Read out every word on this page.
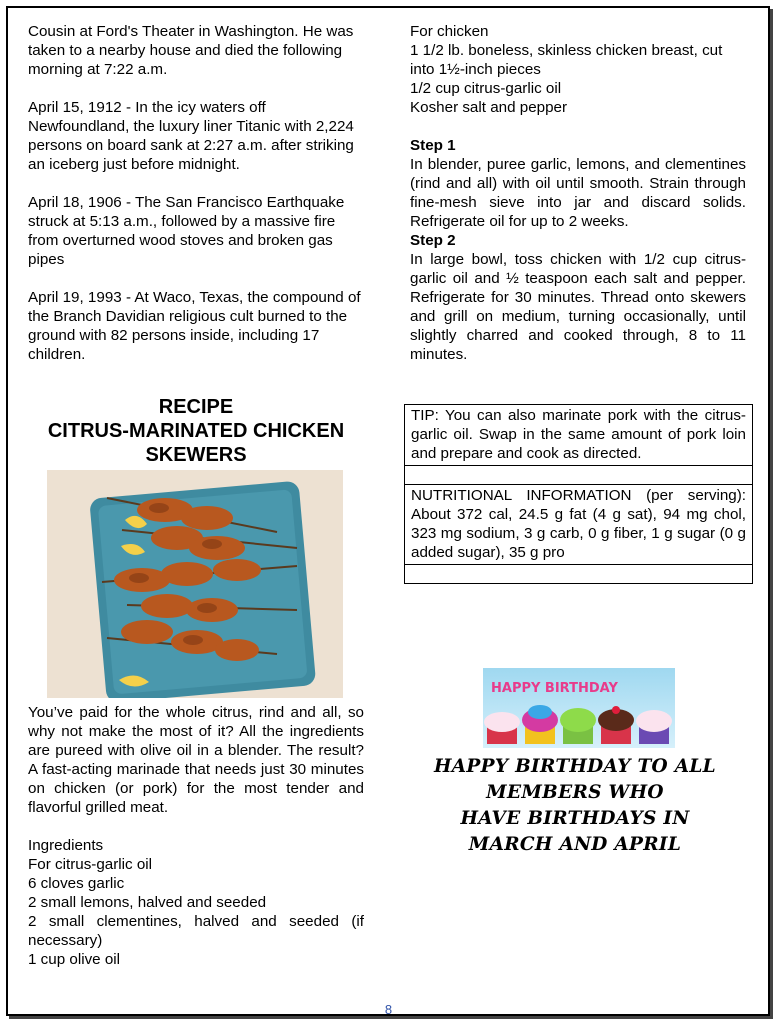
Cousin at Ford's Theater in Washington. He was taken to a nearby house and died the following morning at 7:22 a.m.

April 15, 1912 - In the icy waters off Newfoundland, the luxury liner Titanic with 2,224 persons on board sank at 2:27 a.m. after striking an iceberg just before midnight.

April 18, 1906 - The San Francisco Earthquake struck at 5:13 a.m., followed by a massive fire from overturned wood stoves and broken gas pipes

April 19, 1993 - At Waco, Texas, the compound of the Branch Davidian religious cult burned to the ground with 82 persons inside, including 17 children.

RECIPE
CITRUS-MARINATED CHICKEN SKEWERS

You’ve paid for the whole citrus, rind and all, so why not make the most of it? All the ingredients are pureed with olive oil in a blender. The result? A fast-acting marinade that needs just 30 minutes on chicken (or pork) for the most tender and flavorful grilled meat.

Ingredients

For citrus-garlic oil

6 cloves garlic

2 small lemons, halved and seeded

2 small clementines, halved and seeded (if necessary)

1 cup olive oil

For chicken

1 1/2 lb. boneless, skinless chicken breast, cut into 1½-inch pieces

1/2 cup citrus-garlic oil

Kosher salt and pepper

Step 1

In blender, puree garlic, lemons, and clementines (rind and all) with oil until smooth. Strain through fine-mesh sieve into jar and discard solids. Refrigerate oil for up to 2 weeks.

Step 2

In large bowl, toss chicken with 1/2 cup citrus-garlic oil and ½ teaspoon each salt and pepper. Refrigerate for 30 minutes. Thread onto skewers and grill on medium, turning occasionally, until slightly charred and cooked through, 8 to 11 minutes.

TIP: You can also marinate pork with the citrus-garlic oil. Swap in the same amount of pork loin and prepare and cook as directed.

NUTRITIONAL INFORMATION (per serving): About 372 cal, 24.5 g fat (4 g sat), 94 mg chol, 323 mg sodium, 3 g carb, 0 g fiber, 1 g sugar (0 g added sugar), 35 g pro

HAPPY BIRTHDAY
HAPPY BIRTHDAY TO ALL
MEMBERS WHO
HAVE BIRTHDAYS IN
MARCH AND APRIL
8
